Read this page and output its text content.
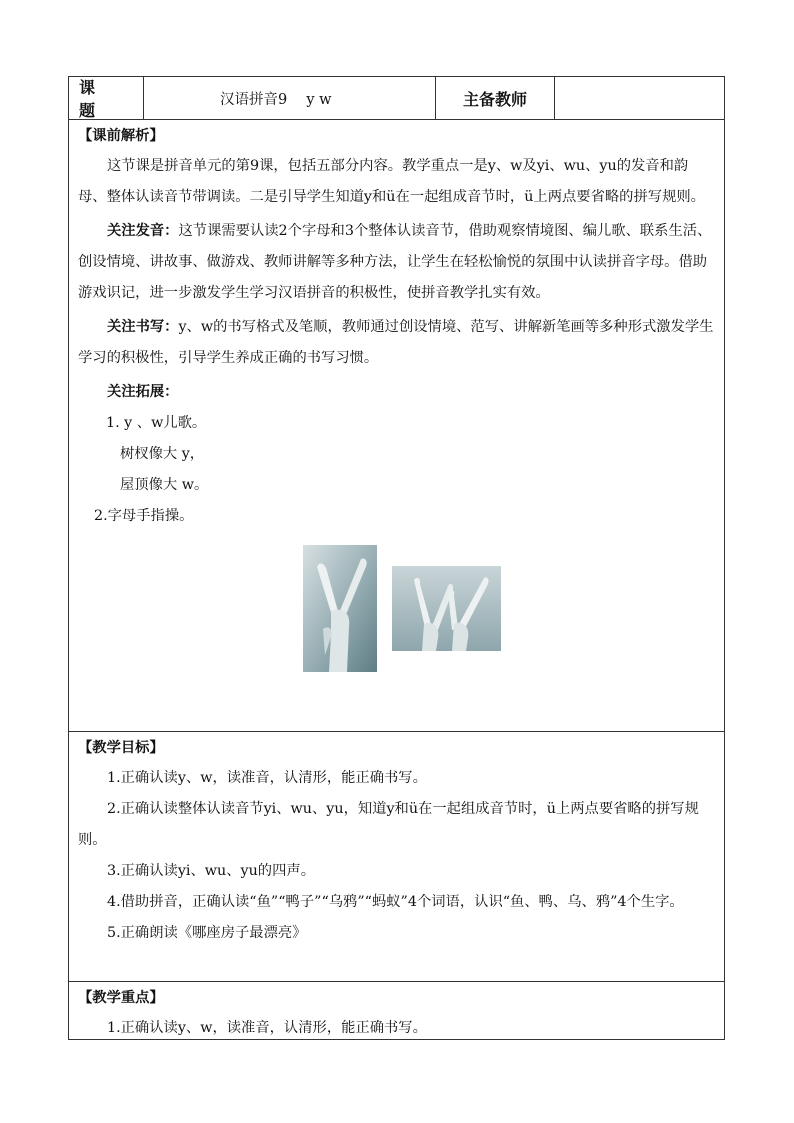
课　题
汉语拼音9　 y w	主备教师

【课前解析】

这节课是拼音单元的第9课，包括五部分内容。教学重点一是y、w及yi、wu、yu的发音和韵母、整体认读音节带调读。二是引导学生知道y和ü在一起组成音节时，ü上两点要省略的拼写规则。

关注发音：这节课需要认读2个字母和3个整体认读音节，借助观察情境图、编儿歌、联系生活、创设情境、讲故事、做游戏、教师讲解等多种方法，让学生在轻松愉悦的氛围中认读拼音字母。借助游戏识记，进一步激发学生学习汉语拼音的积极性，使拼音教学扎实有效。

关注书写：y、w的书写格式及笔顺，教师通过创设情境、范写、讲解新笔画等多种形式激发学生学习的积极性，引导学生养成正确的书写习惯。

关注拓展：

1. y 、w儿歌。

树杈像大 y，

屋顶像大 w。

2.字母手指操。

【教学目标】

1.正确认读y、w，读准音，认清形，能正确书写。

2.正确认读整体认读音节yi、wu、yu，知道y和ü在一起组成音节时，ü上两点要省略的拼写规则。

3.正确认读yi、wu、yu的四声。

4.借助拼音，正确认读“鱼”“鸭子”“乌鸦”“蚂蚁”4个词语，认识“鱼、鸭、乌、鸦”4个生字。

5.正确朗读《哪座房子最漂亮》

【教学重点】

1.正确认读y、w，读准音，认清形，能正确书写。
